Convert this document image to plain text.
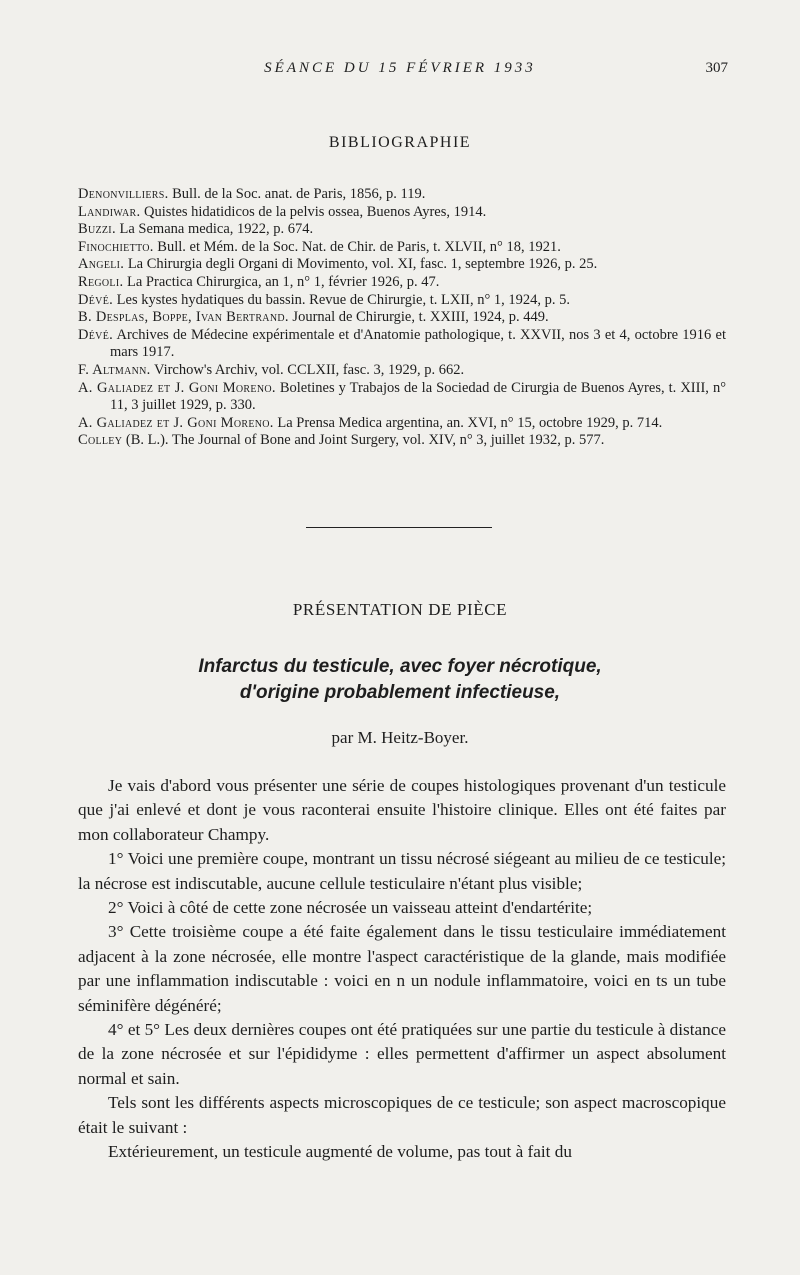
SÉANCE DU 15 FÉVRIER 1933	307
BIBLIOGRAPHIE

Denonvilliers. Bull. de la Soc. anat. de Paris, 1856, p. 119.

Landiwar. Quistes hidatidicos de la pelvis ossea, Buenos Ayres, 1914.

Buzzi. La Semana medica, 1922, p. 674.

Finochietto. Bull. et Mém. de la Soc. Nat. de Chir. de Paris, t. XLVII, n° 18, 1921.

Angeli. La Chirurgia degli Organi di Movimento, vol. XI, fasc. 1, septembre 1926, p. 25.

Regoli. La Practica Chirurgica, an 1, n° 1, février 1926, p. 47.

Dévé. Les kystes hydatiques du bassin. Revue de Chirurgie, t. LXII, n° 1, 1924, p. 5.

B. Desplas, Boppe, Ivan Bertrand. Journal de Chirurgie, t. XXIII, 1924, p. 449.

Dévé. Archives de Médecine expérimentale et d'Anatomie pathologique, t. XXVII, nos 3 et 4, octobre 1916 et mars 1917.

F. Altmann. Virchow's Archiv, vol. CCLXII, fasc. 3, 1929, p. 662.

A. Galiadez et J. Goni Moreno. Boletines y Trabajos de la Sociedad de Cirurgia de Buenos Ayres, t. XIII, n° 11, 3 juillet 1929, p. 330.

A. Galiadez et J. Goni Moreno. La Prensa Medica argentina, an. XVI, n° 15, octobre 1929, p. 714.

Colley (B. L.). The Journal of Bone and Joint Surgery, vol. XIV, n° 3, juillet 1932, p. 577.

PRÉSENTATION DE PIÈCE
Infarctus du testicule, avec foyer nécrotique,
d'origine probablement infectieuse,
par M. Heitz-Boyer.

Je vais d'abord vous présenter une série de coupes histologiques provenant d'un testicule que j'ai enlevé et dont je vous raconterai ensuite l'histoire clinique. Elles ont été faites par mon collaborateur Champy.

1° Voici une première coupe, montrant un tissu nécrosé siégeant au milieu de ce testicule; la nécrose est indiscutable, aucune cellule testiculaire n'étant plus visible;

2° Voici à côté de cette zone nécrosée un vaisseau atteint d'endartérite;

3° Cette troisième coupe a été faite également dans le tissu testiculaire immédiatement adjacent à la zone nécrosée, elle montre l'aspect caractéristique de la glande, mais modifiée par une inflammation indiscutable : voici en n un nodule inflammatoire, voici en ts un tube séminifère dégénéré;

4° et 5° Les deux dernières coupes ont été pratiquées sur une partie du testicule à distance de la zone nécrosée et sur l'épididyme : elles permettent d'affirmer un aspect absolument normal et sain.

Tels sont les différents aspects microscopiques de ce testicule; son aspect macroscopique était le suivant :

Extérieurement, un testicule augmenté de volume, pas tout à fait du
